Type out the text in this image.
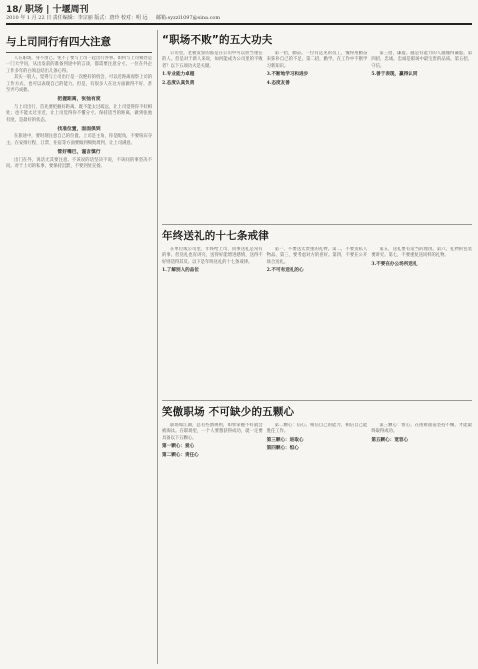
18/ 职场 | 十堰周刊
2010 年 1 月 22 日 责任编辑：李宗丽 版式：唐玲 校对：明 远 邮箱:syzzl1097@sina.com
与上司同行有四大注意

人在职场，身不由己。免不了要与上司一起出行办事。如何与上司相处是一门大学问，从出发前的准备到途中的言谈，都需要注意分寸。一位在外企工作多年的白领总结出几条心得。

其实一般人，觉得与上司出行是一次绝好的机会，可以近距离观察上司的工作方式，也可以表现自己的能力。但是，有很多人在这方面做得不好，甚至弄巧成拙。

把握距离，张弛有度

与上司出行，首先要把握好距离。既不能太过疏远，让上司觉得你不好相处；也不能太过亲近，让上司觉得你不懂分寸。保持适当的距离，做到张弛有度，是最好的状态。

找准位置，面面俱到

在旅途中，要时刻注意自己的位置。上司是主角，你是配角，不要喧宾夺主。在安排行程、订票、住宿等方面要做到细致周到，让上司满意。

管好嘴巴，谨言慎行

出门在外，说话尤其要注意。不该说的话坚决不说，不该问的事坚决不问。对于上司的私事，要保持沉默，不要到处宣扬。

“职场不败”的五大功夫

公司里，老板发誓的都是在公司中可以担当重任的人。但是对于新人来说，如何能成为公司里的不败者？以下五项功夫是关键。

1.专业能力卓越
2.态度认真负责

第一招，勤奋。一位有远见的员工，懂得用勤奋来弥补自己的不足。第二招，勤学。在工作中不断学习新知识。

3.不断地学习和进步
4.态度友善

第三招，谦虚。越是有能力的人越懂得谦虚。第四招，忠诚。忠诚是职场中最宝贵的品质。第五招，守信。

5.善于表现，赢得认同
年终送礼的十七条戒律

在单位或公司里，年终给上司、同事送礼是常有的事。但送礼也有讲究，送得好能增进感情，送得不好则适得其反。以下是年终送礼的十七条戒律。

1.了解别人的品位

第一，不要送太贵重的礼物。第二，不要送私人物品。第三，要考虑对方的喜好。第四，不要在公开场合送礼。

2.不可有送礼的心

第五，送礼要有适当的理由。第六，礼物的包装要讲究。第七，不要重复送同样的礼物。

3.不要在办公场所送礼
笑傲职场 不可缺少的五颗心

职场如江湖，总有些潜规则，如果掌握不好就会被淘汰。在职场里，一个人要想获得成功，就一定要具备以下五颗心。

第一颗心：爱心
第二颗心：责任心

第二颗心：信心。相信自己的能力，相信自己能胜任工作。

第三颗心：进取心
第四颗心：恒心

第三颗心：恒心。在困难面前坚持不懈，才能最终取得成功。

第五颗心：宽容心
